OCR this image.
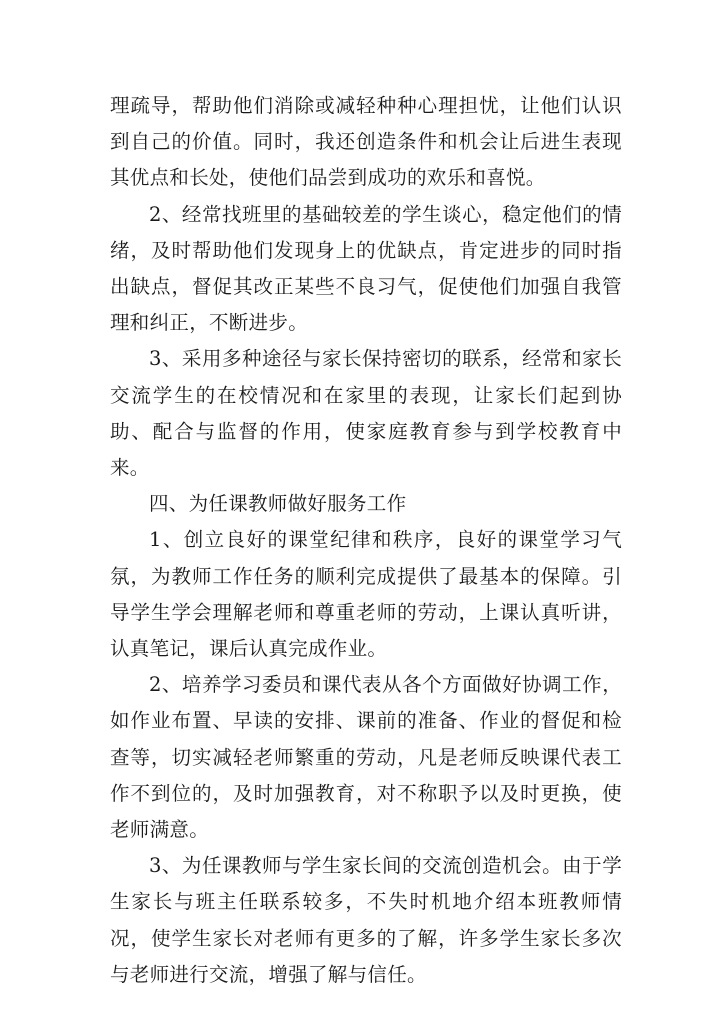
理疏导，帮助他们消除或减轻种种心理担忧，让他们认识到自己的价值。同时，我还创造条件和机会让后进生表现其优点和长处，使他们品尝到成功的欢乐和喜悦。

2、经常找班里的基础较差的学生谈心，稳定他们的情绪，及时帮助他们发现身上的优缺点，肯定进步的同时指出缺点，督促其改正某些不良习气，促使他们加强自我管理和纠正，不断进步。

3、采用多种途径与家长保持密切的联系，经常和家长交流学生的在校情况和在家里的表现，让家长们起到协助、配合与监督的作用，使家庭教育参与到学校教育中来。

四、为任课教师做好服务工作

1、创立良好的课堂纪律和秩序，良好的课堂学习气氛，为教师工作任务的顺利完成提供了最基本的保障。引导学生学会理解老师和尊重老师的劳动，上课认真听讲，认真笔记，课后认真完成作业。

2、培养学习委员和课代表从各个方面做好协调工作，如作业布置、早读的安排、课前的准备、作业的督促和检查等，切实减轻老师繁重的劳动，凡是老师反映课代表工作不到位的，及时加强教育，对不称职予以及时更换，使老师满意。

3、为任课教师与学生家长间的交流创造机会。由于学生家长与班主任联系较多，不失时机地介绍本班教师情况，使学生家长对老师有更多的了解，许多学生家长多次与老师进行交流，增强了解与信任。
